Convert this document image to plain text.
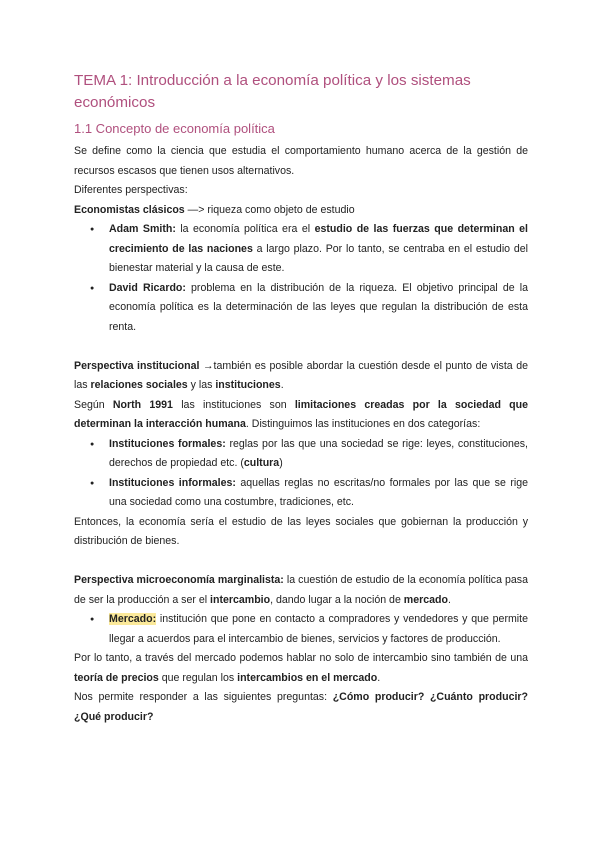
TEMA 1: Introducción a la economía política y los sistemas económicos
1.1 Concepto de economía política

Se define como la ciencia que estudia el comportamiento humano acerca de la gestión de recursos escasos que tienen usos alternativos.

Diferentes perspectivas:

Economistas clásicos —> riqueza como objeto de estudio

● Adam Smith: la economía política era el estudio de las fuerzas que determinan el crecimiento de las naciones a largo plazo. Por lo tanto, se centraba en el estudio del bienestar material y la causa de este.
● David Ricardo: problema en la distribución de la riqueza. El objetivo principal de la economía política es la determinación de las leyes que regulan la distribución de esta renta.

Perspectiva institucional →también es posible abordar la cuestión desde el punto de vista de las relaciones sociales y las instituciones.

Según North 1991 las instituciones son limitaciones creadas por la sociedad que determinan la interacción humana. Distinguimos las instituciones en dos categorías:

● Instituciones formales: reglas por las que una sociedad se rige: leyes, constituciones, derechos de propiedad etc. (cultura)
● Instituciones informales: aquellas reglas no escritas/no formales por las que se rige una sociedad como una costumbre, tradiciones, etc.

Entonces, la economía sería el estudio de las leyes sociales que gobiernan la producción y distribución de bienes.

Perspectiva microeconomía marginalista: la cuestión de estudio de la economía política pasa de ser la producción a ser el intercambio, dando lugar a la noción de mercado.

● Mercado: institución que pone en contacto a compradores y vendedores y que permite llegar a acuerdos para el intercambio de bienes, servicios y factores de producción.

Por lo tanto, a través del mercado podemos hablar no solo de intercambio sino también de una teoría de precios que regulan los intercambios en el mercado.

Nos permite responder a las siguientes preguntas: ¿Cómo producir? ¿Cuánto producir? ¿Qué producir?
